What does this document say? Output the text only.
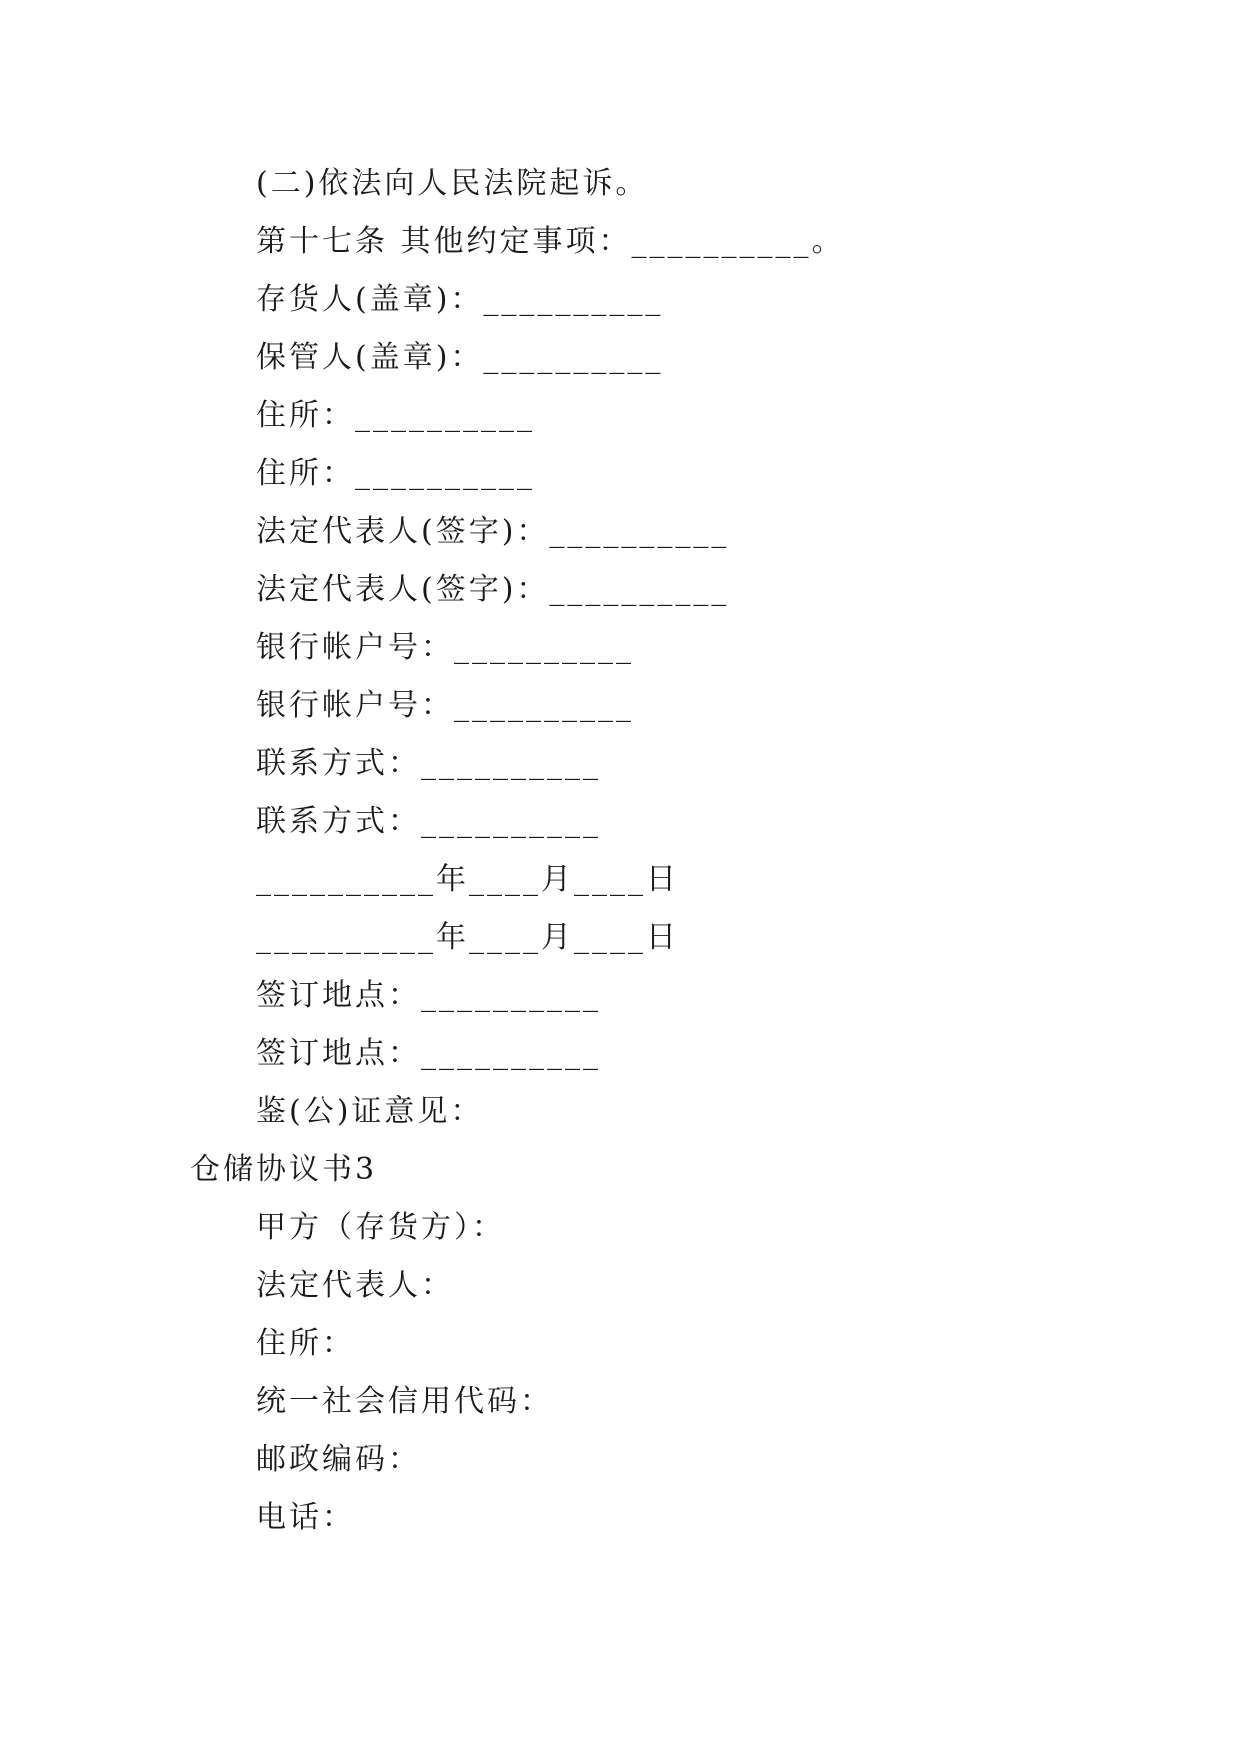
(二)依法向人民法院起诉。
第十七条 其他约定事项：__________。
存货人(盖章)：__________
保管人(盖章)：__________
住所：__________
住所：__________
法定代表人(签字)：__________
法定代表人(签字)：__________
银行帐户号：__________
银行帐户号：__________
联系方式：__________
联系方式：__________
__________年____月____日
__________年____月____日
签订地点：__________
签订地点：__________
鉴(公)证意见：
仓储协议书3
甲方（存货方）：
法定代表人：
住所：
统一社会信用代码：
邮政编码：
电话：
